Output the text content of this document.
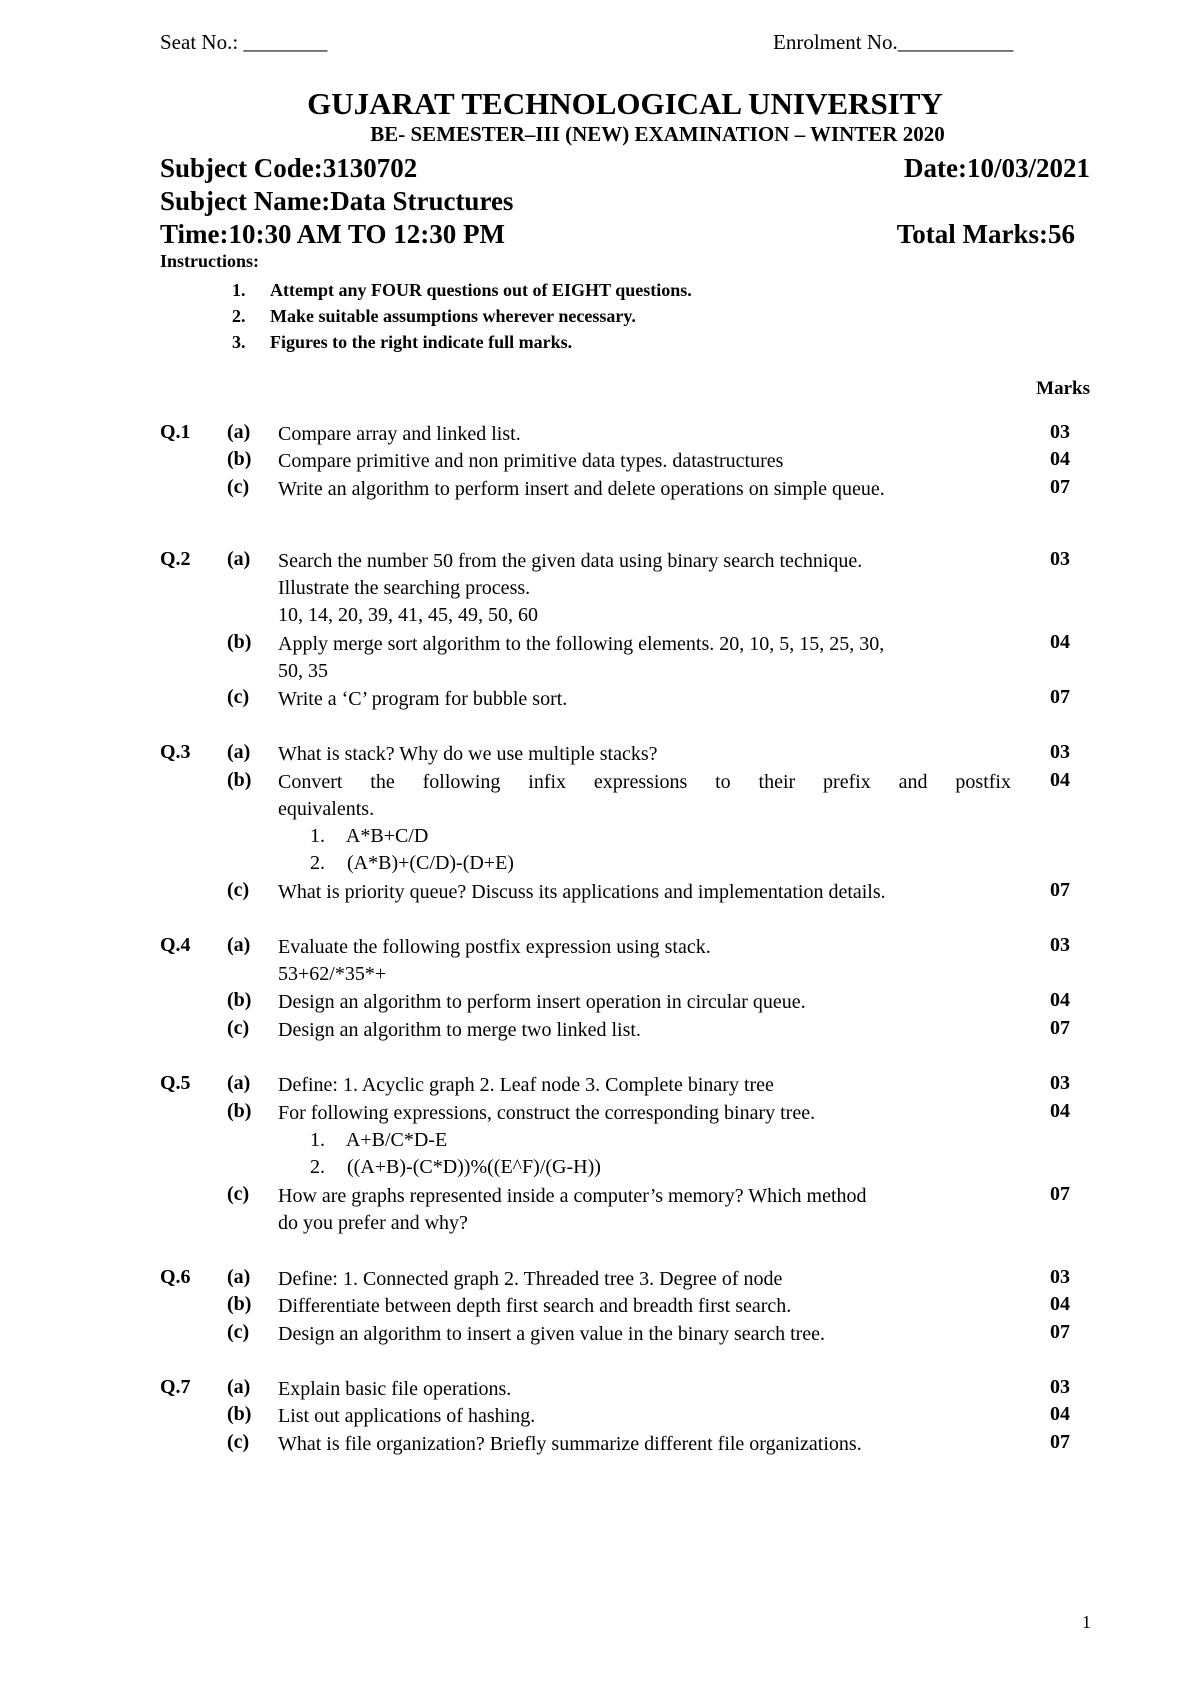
Seat No.: ________	Enrolment No.___________
GUJARAT TECHNOLOGICAL UNIVERSITY
BE- SEMESTER–III (NEW) EXAMINATION – WINTER 2020
Subject Code:3130702	Date:10/03/2021
Subject Name:Data Structures
Time:10:30 AM TO 12:30 PM	Total Marks:56
Instructions:
1. Attempt any FOUR questions out of EIGHT questions.
2. Make suitable assumptions wherever necessary.
3. Figures to the right indicate full marks.
Marks
Q.1 (a) Compare array and linked list.	03
(b) Compare primitive and non primitive data types. datastructures	04
(c) Write an algorithm to perform insert and delete operations on simple queue.	07
Q.2 (a) Search the number 50 from the given data using binary search technique.
Illustrate the searching process.
10, 14, 20, 39, 41, 45, 49, 50, 60
03
(b) Apply merge sort algorithm to the following elements. 20, 10, 5, 15, 25, 30,
50, 35
04
(c) Write a ‘C’ program for bubble sort.	07
Q.3 (a) What is stack? Why do we use multiple stacks?	03
(b) Convert the following infix expressions to their prefix and postfix
equivalents.
1. A*B+C/D
2. (A*B)+(C/D)-(D+E)
04
(c) What is priority queue? Discuss its applications and implementation details.	07
Q.4 (a) Evaluate the following postfix expression using stack.
53+62/*35*+
03
(b) Design an algorithm to perform insert operation in circular queue.	04
(c) Design an algorithm to merge two linked list.	07
Q.5 (a) Define: 1. Acyclic graph 2. Leaf node 3. Complete binary tree	03
(b) For following expressions, construct the corresponding binary tree.
1. A+B/C*D-E
2. ((A+B)-(C*D))%((E^F)/(G-H))
04
(c) How are graphs represented inside a computer’s memory? Which method
do you prefer and why?
07
Q.6 (a) Define: 1. Connected graph 2. Threaded tree 3. Degree of node	03
(b) Differentiate between depth first search and breadth first search.	04
(c) Design an algorithm to insert a given value in the binary search tree.	07
Q.7 (a) Explain basic file operations.	03
(b) List out applications of hashing.	04
(c) What is file organization? Briefly summarize different file organizations.	07
1
